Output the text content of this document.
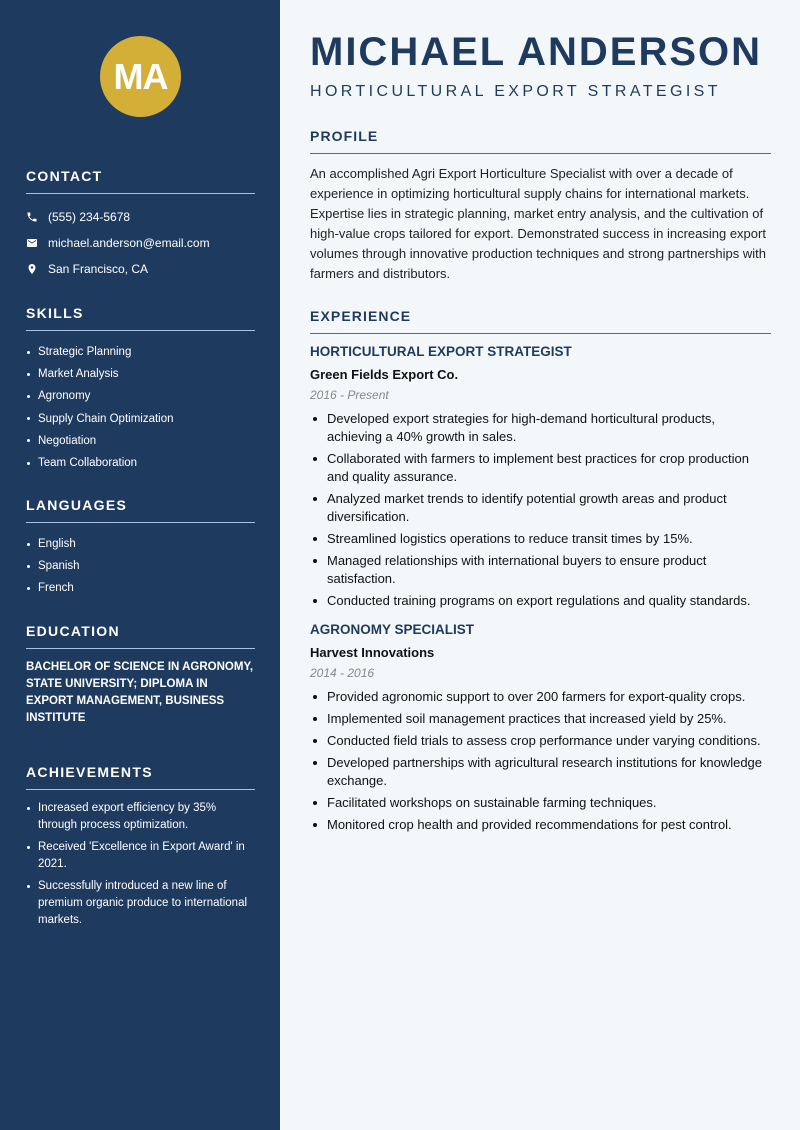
MA
CONTACT
(555) 234-5678
michael.anderson@email.com
San Francisco, CA
SKILLS
Strategic Planning
Market Analysis
Agronomy
Supply Chain Optimization
Negotiation
Team Collaboration
LANGUAGES
English
Spanish
French
EDUCATION
BACHELOR OF SCIENCE IN AGRONOMY, STATE UNIVERSITY; DIPLOMA IN EXPORT MANAGEMENT, BUSINESS INSTITUTE
ACHIEVEMENTS
Increased export efficiency by 35% through process optimization.
Received 'Excellence in Export Award' in 2021.
Successfully introduced a new line of premium organic produce to international markets.
MICHAEL ANDERSON
HORTICULTURAL EXPORT STRATEGIST
PROFILE
An accomplished Agri Export Horticulture Specialist with over a decade of experience in optimizing horticultural supply chains for international markets. Expertise lies in strategic planning, market entry analysis, and the cultivation of high-value crops tailored for export. Demonstrated success in increasing export volumes through innovative production techniques and strong partnerships with farmers and distributors.
EXPERIENCE
HORTICULTURAL EXPORT STRATEGIST
Green Fields Export Co.
2016 - Present
Developed export strategies for high-demand horticultural products, achieving a 40% growth in sales.
Collaborated with farmers to implement best practices for crop production and quality assurance.
Analyzed market trends to identify potential growth areas and product diversification.
Streamlined logistics operations to reduce transit times by 15%.
Managed relationships with international buyers to ensure product satisfaction.
Conducted training programs on export regulations and quality standards.
AGRONOMY SPECIALIST
Harvest Innovations
2014 - 2016
Provided agronomic support to over 200 farmers for export-quality crops.
Implemented soil management practices that increased yield by 25%.
Conducted field trials to assess crop performance under varying conditions.
Developed partnerships with agricultural research institutions for knowledge exchange.
Facilitated workshops on sustainable farming techniques.
Monitored crop health and provided recommendations for pest control.
